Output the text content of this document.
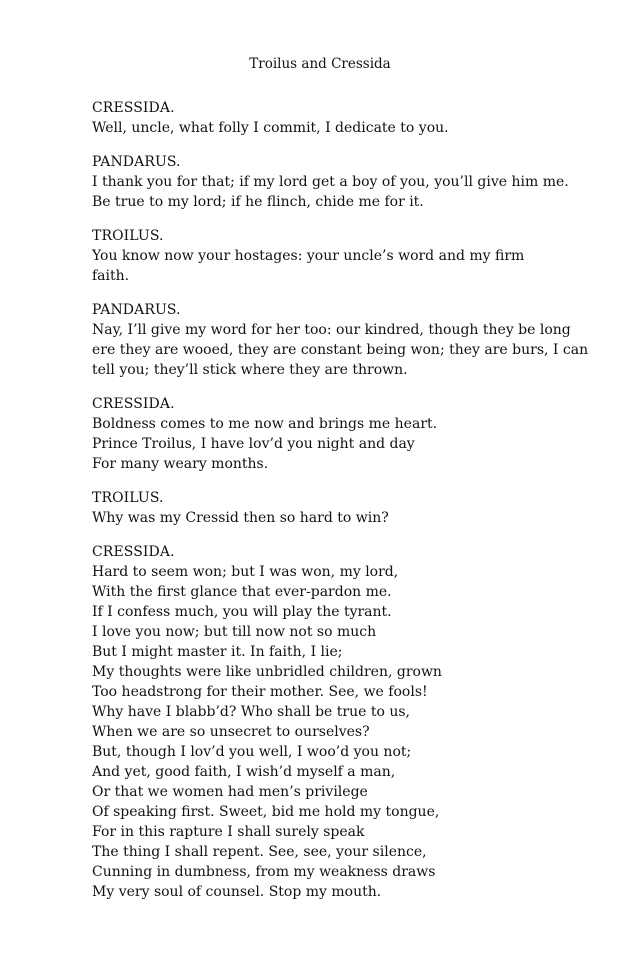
Troilus and Cressida
CRESSIDA.
Well, uncle, what folly I commit, I dedicate to you.
PANDARUS.
I thank you for that; if my lord get a boy of you, you’ll give him me.
Be true to my lord; if he flinch, chide me for it.
TROILUS.
You know now your hostages: your uncle’s word and my firm
faith.
PANDARUS.
Nay, I’ll give my word for her too: our kindred, though they be long
ere they are wooed, they are constant being won; they are burs, I can
tell you; they’ll stick where they are thrown.
CRESSIDA.
Boldness comes to me now and brings me heart.
Prince Troilus, I have lov’d you night and day
For many weary months.
TROILUS.
Why was my Cressid then so hard to win?
CRESSIDA.
Hard to seem won; but I was won, my lord,
With the first glance that ever-pardon me.
If I confess much, you will play the tyrant.
I love you now; but till now not so much
But I might master it. In faith, I lie;
My thoughts were like unbridled children, grown
Too headstrong for their mother. See, we fools!
Why have I blabb’d? Who shall be true to us,
When we are so unsecret to ourselves?
But, though I lov’d you well, I woo’d you not;
And yet, good faith, I wish’d myself a man,
Or that we women had men’s privilege
Of speaking first. Sweet, bid me hold my tongue,
For in this rapture I shall surely speak
The thing I shall repent. See, see, your silence,
Cunning in dumbness, from my weakness draws
My very soul of counsel. Stop my mouth.
